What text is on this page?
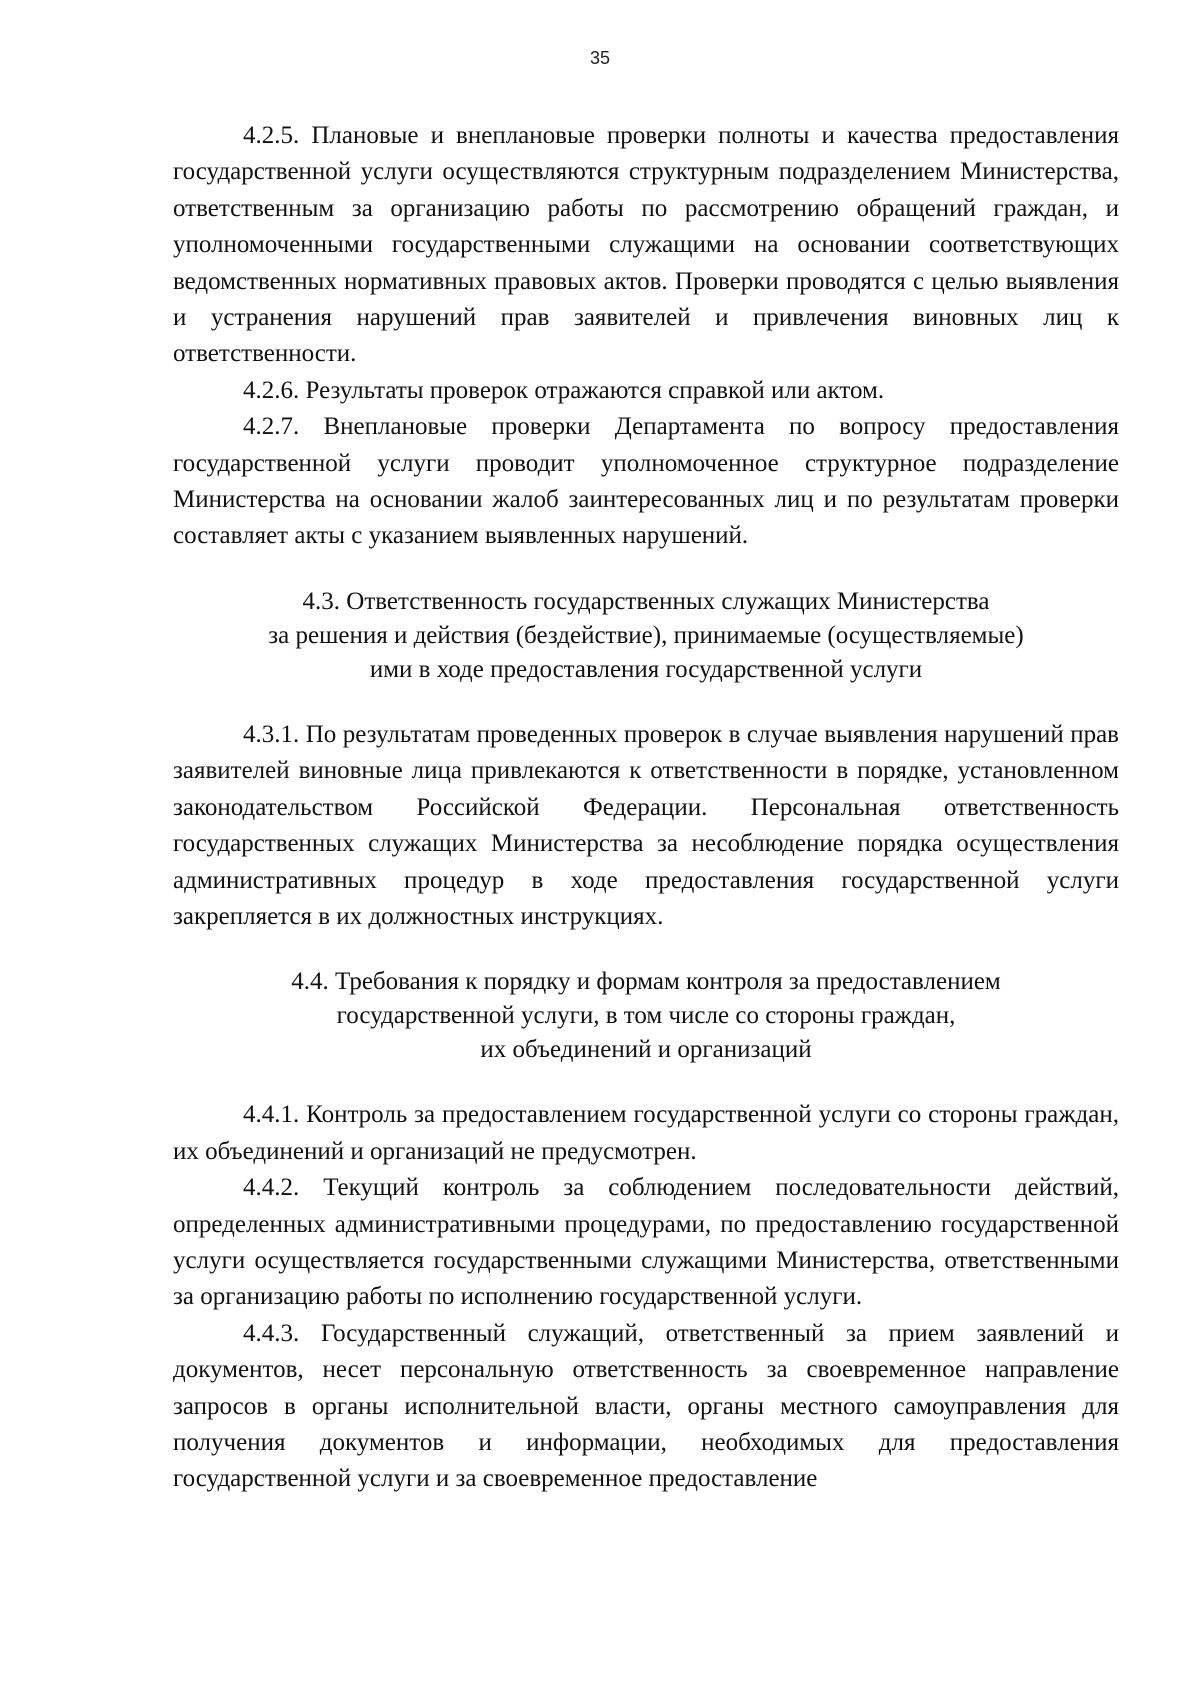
35

4.2.5. Плановые и внеплановые проверки полноты и качества предоставления государственной услуги осуществляются структурным подразделением Министерства, ответственным за организацию работы по рассмотрению обращений граждан, и уполномоченными государственными служащими на основании соответствующих ведомственных нормативных правовых актов. Проверки проводятся с целью выявления и устранения нарушений прав заявителей и привлечения виновных лиц к ответственности.

4.2.6. Результаты проверок отражаются справкой или актом.

4.2.7. Внеплановые проверки Департамента по вопросу предоставления государственной услуги проводит уполномоченное структурное подразделение Министерства на основании жалоб заинтересованных лиц и по результатам проверки составляет акты с указанием выявленных нарушений.

4.3. Ответственность государственных служащих Министерства
за решения и действия (бездействие), принимаемые (осуществляемые)
ими в ходе предоставления государственной услуги

4.3.1. По результатам проведенных проверок в случае выявления нарушений прав заявителей виновные лица привлекаются к ответственности в порядке, установленном законодательством Российской Федерации. Персональная ответственность государственных служащих Министерства за несоблюдение порядка осуществления административных процедур в ходе предоставления государственной услуги закрепляется в их должностных инструкциях.

4.4. Требования к порядку и формам контроля за предоставлением
государственной услуги, в том числе со стороны граждан,
их объединений и организаций

4.4.1. Контроль за предоставлением государственной услуги со стороны граждан, их объединений и организаций не предусмотрен.

4.4.2. Текущий контроль за соблюдением последовательности действий, определенных административными процедурами, по предоставлению государственной услуги осуществляется государственными служащими Министерства, ответственными за организацию работы по исполнению государственной услуги.

4.4.3. Государственный служащий, ответственный за прием заявлений и документов, несет персональную ответственность за своевременное направление запросов в органы исполнительной власти, органы местного самоуправления для получения документов и информации, необходимых для предоставления государственной услуги и за своевременное предоставление
